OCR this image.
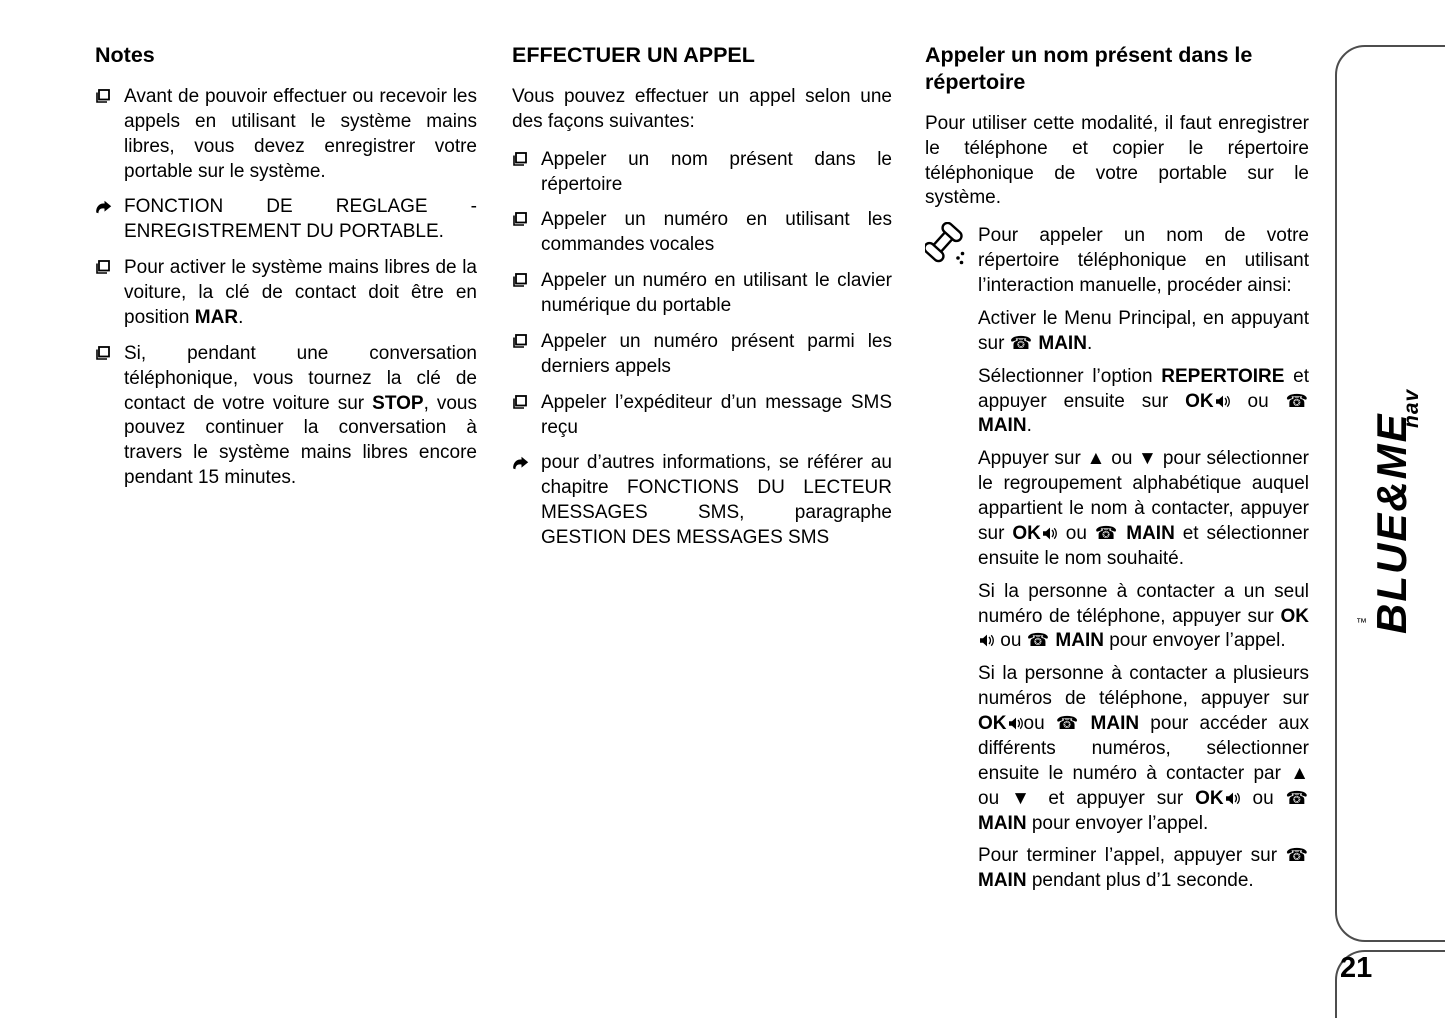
Notes
Avant de pouvoir effectuer ou recevoir les appels en utilisant le système mains libres, vous devez enregistrer votre portable sur le système.
FONCTION DE REGLAGE - ENREGISTREMENT DU PORTABLE.
Pour activer le système mains libres de la voiture, la clé de contact doit être en position MAR.
Si, pendant une conversation téléphonique, vous tournez la clé de contact de votre voiture sur STOP, vous pouvez continuer la conversation à travers le système mains libres encore pendant 15 minutes.
EFFECTUER UN APPEL
Vous pouvez effectuer un appel selon une des façons suivantes:
Appeler un nom présent dans le répertoire
Appeler un numéro en utilisant les commandes vocales
Appeler un numéro en utilisant le clavier numérique du portable
Appeler un numéro présent parmi les derniers appels
Appeler l’expéditeur d’un message SMS reçu
pour d’autres informations, se référer au chapitre FONCTIONS DU LECTEUR MESSAGES SMS, paragraphe GESTION DES MESSAGES SMS
Appeler un nom présent dans le répertoire
Pour utiliser cette modalité, il faut enregistrer le téléphone et copier le répertoire téléphonique de votre portable sur le système.
Pour appeler un nom de votre répertoire téléphonique en utilisant l’interaction manuelle, procéder ainsi:
Activer le Menu Principal, en appuyant sur ☎ MAIN.
Sélectionner l’option REPERTOIRE et appuyer ensuite sur OK ou ☎ MAIN.
Appuyer sur ▲ ou ▼ pour sélectionner le regroupement alphabétique auquel appartient le nom à contacter, appuyer sur OK ou ☎ MAIN et sélectionner ensuite le nom souhaité.
Si la personne à contacter a un seul numéro de téléphone, appuyer sur OK ou ☎ MAIN pour envoyer l’appel.
Si la personne à contacter a plusieurs numéros de téléphone, appuyer sur OK ou ☎ MAIN pour accéder aux différents numéros, sélectionner ensuite le numéro à contacter par ▲ ou ▼ et appuyer sur OK ou ☎ MAIN pour envoyer l’appel.
Pour terminer l’appel, appuyer sur ☎ MAIN pendant plus d’1 seconde.
BLUE&ME
nav
™
21
